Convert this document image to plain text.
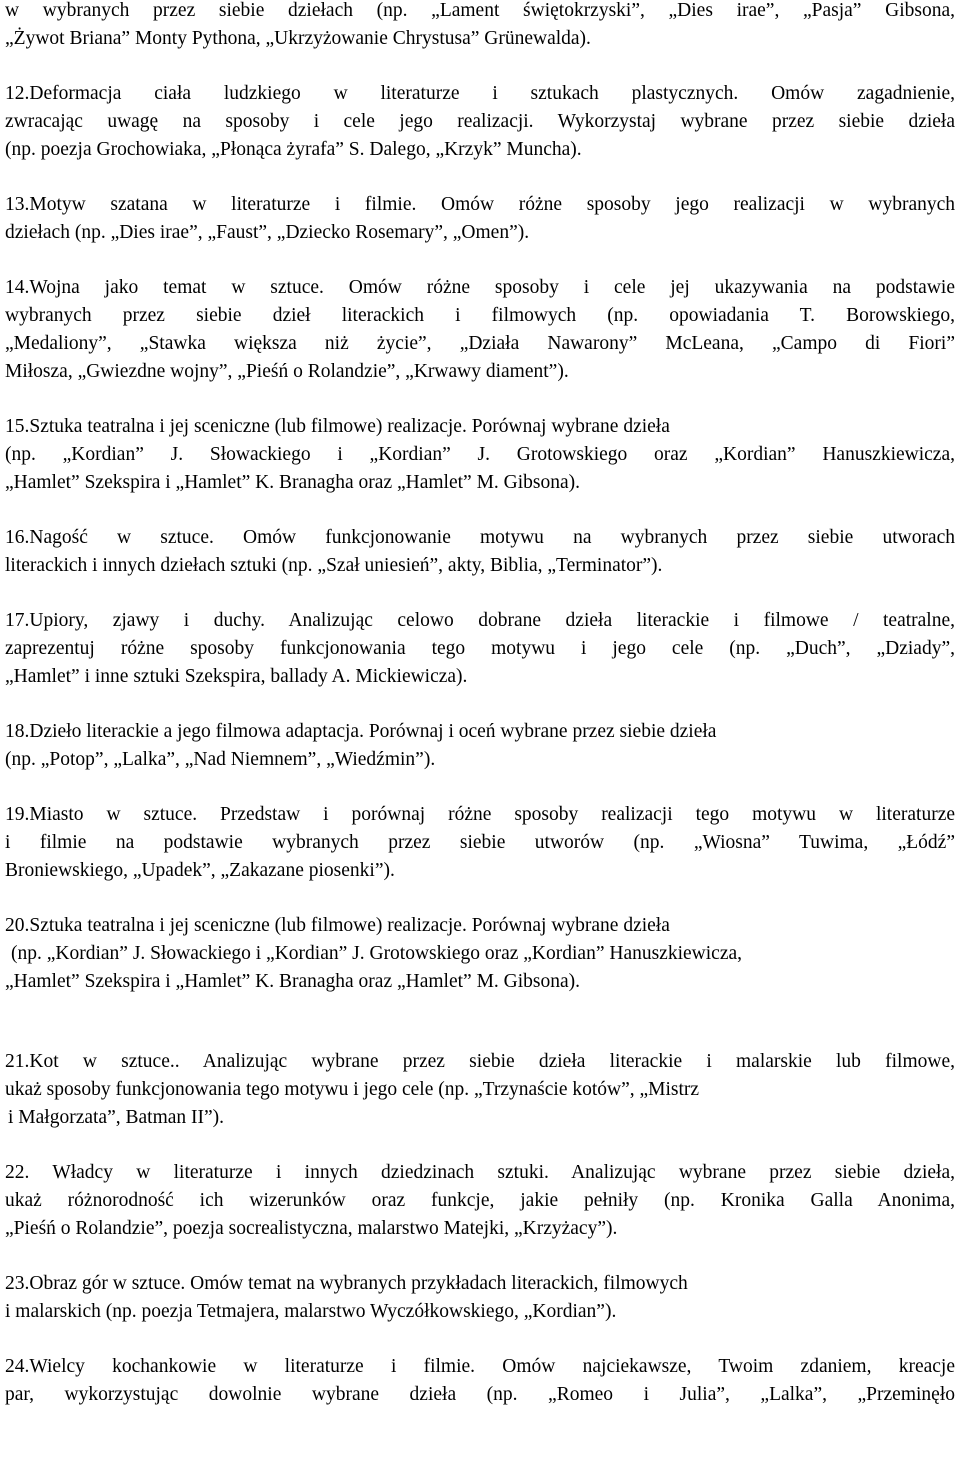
w wybranych przez siebie dziełach (np. „Lament świętokrzyski”, „Dies irae”, „Pasja” Gibsona,
„Żywot Briana” Monty Pythona, „Ukrzyżowanie Chrystusa” Grünewalda).
12.Deformacja ciała ludzkiego w literaturze i sztukach plastycznych. Omów zagadnienie,
zwracając uwagę na sposoby i cele jego realizacji. Wykorzystaj wybrane przez siebie dzieła
(np. poezja Grochowiaka, „Płonąca żyrafa” S. Dalego, „Krzyk” Muncha).
13.Motyw szatana w literaturze i filmie. Omów różne sposoby jego realizacji w wybranych
dziełach (np. „Dies irae”, „Faust”, „Dziecko Rosemary”, „Omen”).
14.Wojna jako temat w sztuce. Omów różne sposoby i cele jej ukazywania na podstawie
wybranych przez siebie dzieł literackich i filmowych (np. opowiadania T. Borowskiego,
„Medaliony”, „Stawka większa niż życie”, „Działa Nawarony” McLeana, „Campo di Fiori”
Miłosza, „Gwiezdne wojny”, „Pieśń o Rolandzie”, „Krwawy diament”).
15.Sztuka teatralna i jej sceniczne (lub filmowe) realizacje. Porównaj wybrane dzieła
(np. „Kordian” J. Słowackiego i „Kordian” J. Grotowskiego oraz „Kordian” Hanuszkiewicza,
„Hamlet” Szekspira i „Hamlet” K. Branagha oraz „Hamlet” M. Gibsona).
16.Nagość w sztuce. Omów funkcjonowanie motywu na wybranych przez siebie utworach
literackich i innych dziełach sztuki (np. „Szał uniesień”, akty, Biblia, „Terminator”).
17.Upiory, zjawy i duchy. Analizując celowo dobrane dzieła literackie i filmowe / teatralne,
zaprezentuj różne sposoby funkcjonowania tego motywu i jego cele (np. „Duch”, „Dziady”,
„Hamlet” i inne sztuki Szekspira, ballady A. Mickiewicza).
18.Dzieło literackie a jego filmowa adaptacja. Porównaj i oceń wybrane przez siebie dzieła
(np. „Potop”, „Lalka”, „Nad Niemnem”, „Wiedźmin”).
19.Miasto w sztuce. Przedstaw i porównaj różne sposoby realizacji tego motywu w literaturze
i filmie na podstawie wybranych przez siebie utworów (np. „Wiosna” Tuwima, „Łódź”
Broniewskiego, „Upadek”, „Zakazane piosenki”).
20.Sztuka teatralna i jej sceniczne (lub filmowe) realizacje. Porównaj wybrane dzieła
(np. „Kordian” J. Słowackiego i „Kordian” J. Grotowskiego oraz „Kordian” Hanuszkiewicza,
„Hamlet” Szekspira i „Hamlet” K. Branagha oraz „Hamlet” M. Gibsona).
21.Kot w sztuce.. Analizując wybrane przez siebie dzieła literackie i malarskie lub filmowe,
ukaż sposoby funkcjonowania tego motywu i jego cele (np. „Trzynaście kotów”, „Mistrz
i Małgorzata”, Batman II”).
22. Władcy w literaturze i innych dziedzinach sztuki. Analizując wybrane przez siebie dzieła,
ukaż różnorodność ich wizerunków oraz funkcje, jakie pełniły (np. Kronika Galla Anonima,
„Pieśń o Rolandzie”, poezja socrealistyczna, malarstwo Matejki, „Krzyżacy”).
23.Obraz gór w sztuce. Omów temat na wybranych przykładach literackich, filmowych
i malarskich (np. poezja Tetmajera, malarstwo Wyczółkowskiego, „Kordian”).
24.Wielcy kochankowie w literaturze i filmie. Omów najciekawsze, Twoim zdaniem, kreacje
par, wykorzystując dowolnie wybrane dzieła (np. „Romeo i Julia”, „Lalka”, „Przeminęło
